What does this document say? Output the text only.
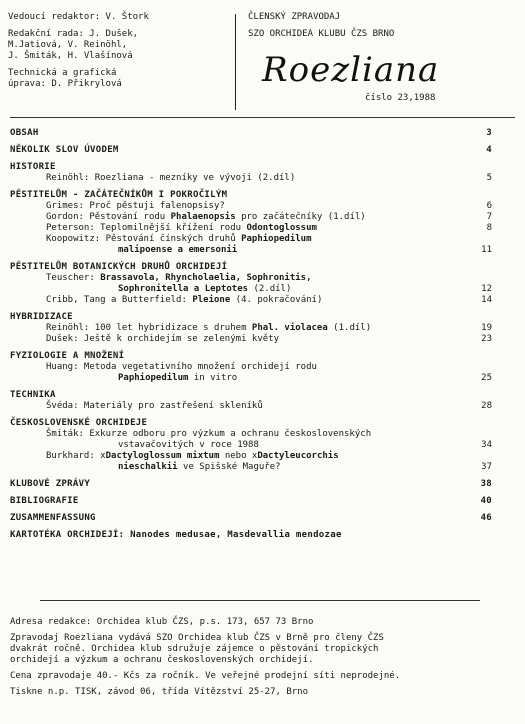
Vedoucí redaktor: V. Štork
Redakční rada: J. Dušek,
M.Jatiová, V. Reinöhl,
J. Šmiták, H. Vlašínová
Technická a grafická
úprava: D. Přikrylová
ČLENSKÝ ZPRAVODAJ
SZO ORCHIDEA KLUBU ČZS BRNO
Roezliana
číslo 23,1988
OBSAH	3
NĚKOLIK SLOV ÚVODEM	4
HISTORIE
Reinöhl: Roezliana - mezníky ve vývoji (2.díl)	5
PĚSTITELŮM - ZAČÁTEČNÍKŮM I POKROČILÝM
Grimes: Proč pěstuji falenopsisy?	6
Gordon: Pěstování rodu Phalaenopsis pro začátečníky (1.díl)	7
Peterson: Teplomilnější křížení rodu Odontoglossum	8
Koopowitz: Pěstování čínských druhů Paphiopedilum
malipoense a emersonii	11
PĚSTITELŮM BOTANICKÝCH DRUHŮ ORCHIDEJÍ
Teuscher: Brassavola, Rhyncholaelia, Sophronitis,
Sophronitella a Leptotes (2.díl)	12
Cribb, Tang a Butterfield: Pleione (4. pokračování)	14
HYBRIDIZACE
Reinöhl: 100 let hybridizace s druhem Phal. violacea (1.díl)	19
Dušek: Ještě k orchidejím se zelenými květy	23
FYZIOLOGIE A MNOŽENÍ
Huang: Metoda vegetativního množení orchidejí rodu
Paphiopedilum in vitro	25
TECHNIKA
Švéda: Materiály pro zastřešení skleníků	28
ČESKOSLOVENSKÉ ORCHIDEJE
Šmiták: Exkurze odboru pro výzkum a ochranu československých
vstavačovitých v roce 1988	34
Burkhard: xDactyloglossum mixtum nebo xDactyleucorchis
nieschalkii ve Spišské Maguře?	37
KLUBOVÉ ZPRÁVY	38
BIBLIOGRAFIE	40
ZUSAMMENFASSUNG	46
KARTOTÉKA ORCHIDEJÍ: Nanodes medusae, Masdevallia mendozae
Adresa redakce: Orchidea klub ČZS, p.s. 173, 657 73 Brno
Zpravodaj Roezliana vydává SZO Orchidea klub ČZS v Brně pro členy ČZS
dvakrát ročně. Orchidea klub sdružuje zájemce o pěstování tropických
orchidejí a výzkum a ochranu československých orchidejí.
Cena zpravodaje 40.- Kčs za ročník. Ve veřejné prodejní síti neprodejné.
Tiskne n.p. TISK, závod 06, třída Vítězství 25-27, Brno
